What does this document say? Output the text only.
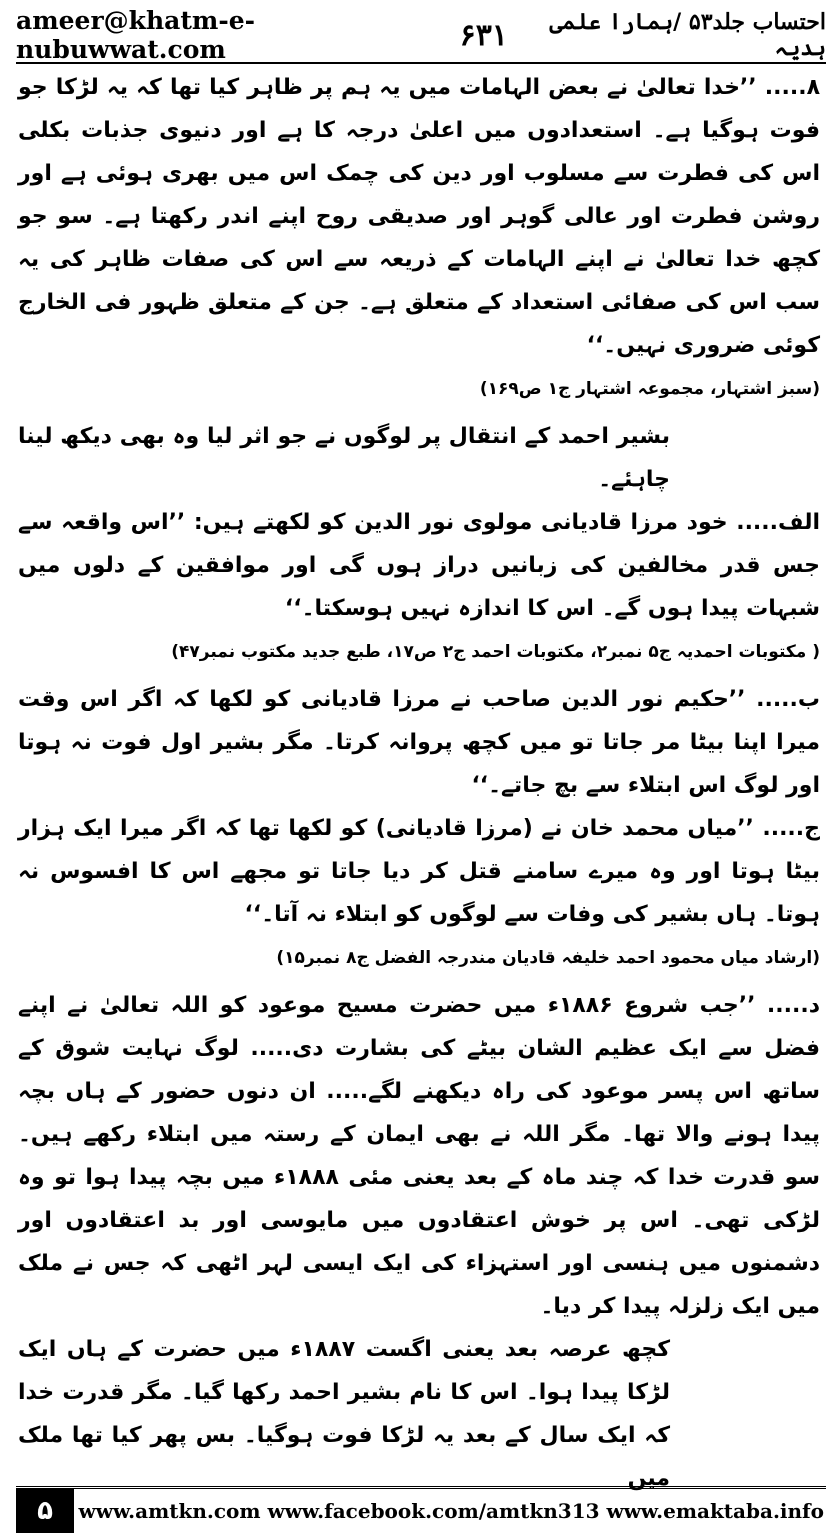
ameer@khatm-e-nubuwwat.com	۶۳۱	احتساب جلد۵۳ /ہمارا علمی ہدیہ

۸..... ’’خدا تعالیٰ نے بعض الہامات میں یہ ہم پر ظاہر کیا تھا کہ یہ لڑکا جو فوت ہوگیا ہے۔ استعدادوں میں اعلیٰ درجہ کا ہے اور دنیوی جذبات بکلی اس کی فطرت سے مسلوب اور دین کی چمک اس میں بھری ہوئی ہے اور روشن فطرت اور عالی گوہر اور صدیقی روح اپنے اندر رکھتا ہے۔ سو جو کچھ خدا تعالیٰ نے اپنے الہامات کے ذریعہ سے اس کی صفات ظاہر کی یہ سب اس کی صفائی استعداد کے متعلق ہے۔ جن کے متعلق ظہور فی الخارج کوئی ضروری نہیں۔‘‘

(سبز اشتہار، مجموعہ اشتہار ج۱ ص۱۶۹)

بشیر احمد کے انتقال پر لوگوں نے جو اثر لیا وہ بھی دیکھ لینا چاہئے۔

الف..... خود مرزا قادیانی مولوی نور الدین کو لکھتے ہیں: ’’اس واقعہ سے جس قدر مخالفین کی زبانیں دراز ہوں گی اور موافقین کے دلوں میں شبہات پیدا ہوں گے۔ اس کا اندازہ نہیں ہوسکتا۔‘‘

( مکتوبات احمدیہ ج۵ نمبر۲، مکتوبات احمد ج۲ ص۱۷، طبع جدید مکتوب نمبر۴۷)

ب..... ’’حکیم نور الدین صاحب نے مرزا قادیانی کو لکھا کہ اگر اس وقت میرا اپنا بیٹا مر جاتا تو میں کچھ پروانہ کرتا۔ مگر بشیر اول فوت نہ ہوتا اور لوگ اس ابتلاء سے بچ جاتے۔‘‘

ج..... ’’میاں محمد خان نے (مرزا قادیانی) کو لکھا تھا کہ اگر میرا ایک ہزار بیٹا ہوتا اور وہ میرے سامنے قتل کر دیا جاتا تو مجھے اس کا افسوس نہ ہوتا۔ ہاں بشیر کی وفات سے لوگوں کو ابتلاء نہ آتا۔‘‘

(ارشاد میاں محمود احمد خلیفہ قادیان مندرجہ الفضل ج۸ نمبر۱۵)

د..... ’’جب شروع ۱۸۸۶ء میں حضرت مسیح موعود کو اللہ تعالیٰ نے اپنے فضل سے ایک عظیم الشان بیٹے کی بشارت دی..... لوگ نہایت شوق کے ساتھ اس پسر موعود کی راہ دیکھنے لگے..... ان دنوں حضور کے ہاں بچہ پیدا ہونے والا تھا۔ مگر اللہ نے بھی ایمان کے رستہ میں ابتلاء رکھے ہیں۔ سو قدرت خدا کہ چند ماہ کے بعد یعنی مئی ۱۸۸۸ء میں بچہ پیدا ہوا تو وہ لڑکی تھی۔ اس پر خوش اعتقادوں میں مایوسی اور بد اعتقادوں اور دشمنوں میں ہنسی اور استہزاء کی ایک ایسی لہر اٹھی کہ جس نے ملک میں ایک زلزلہ پیدا کر دیا۔

کچھ عرصہ بعد یعنی اگست ۱۸۸۷ء میں حضرت کے ہاں ایک لڑکا پیدا ہوا۔ اس کا نام بشیر احمد رکھا گیا۔ مگر قدرت خدا کہ ایک سال کے بعد یہ لڑکا فوت ہوگیا۔ بس پھر کیا تھا ملک میں

۵	www.amtkn.com www.facebook.com/amtkn313 www.emaktaba.info
